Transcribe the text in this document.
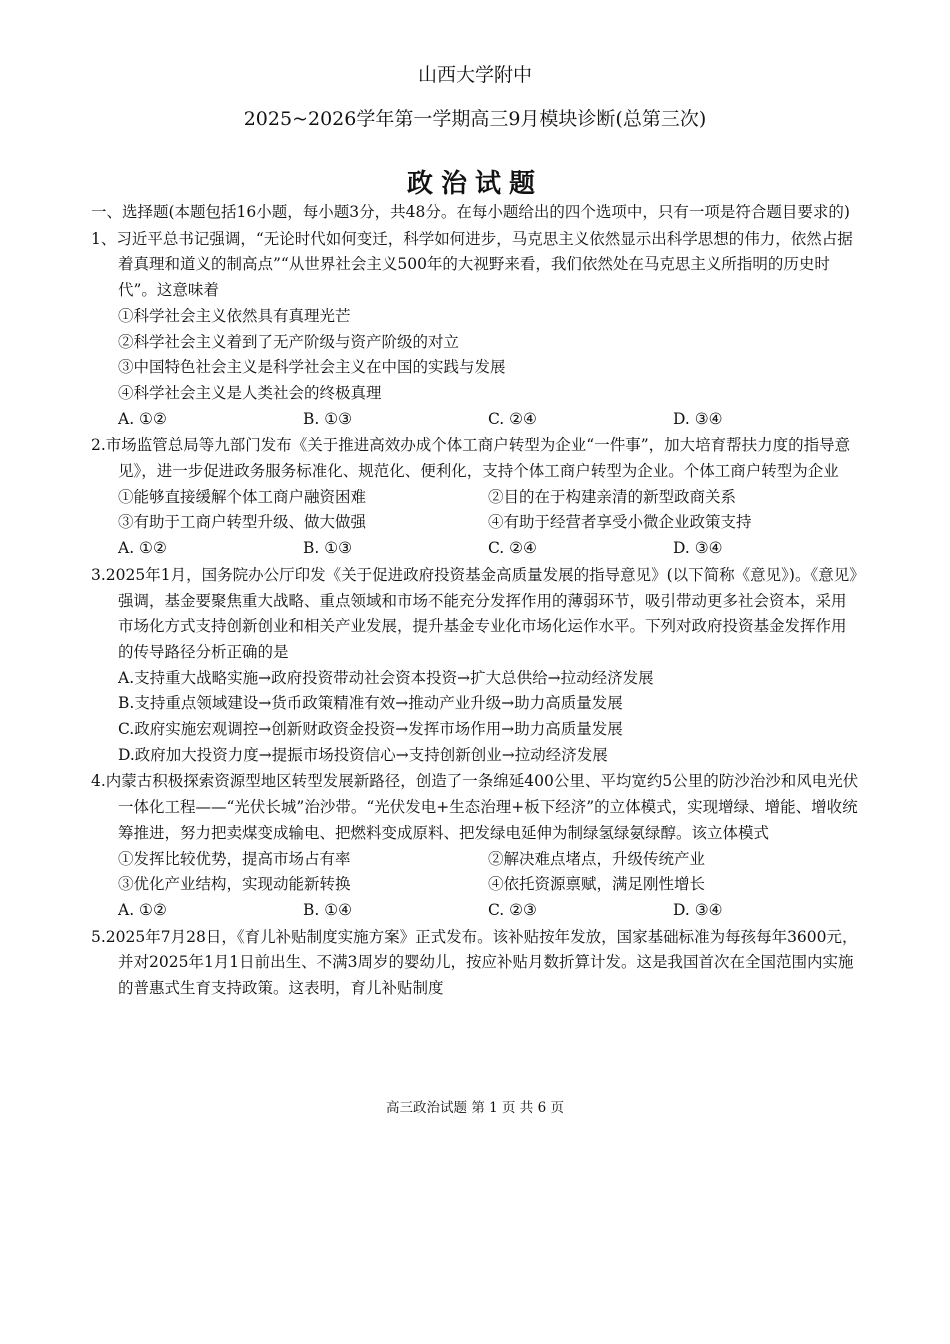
山西大学附中
2025~2026学年第一学期高三9月模块诊断(总第三次)
政治试题
一、选择题(本题包括16小题，每小题3分，共48分。在每小题给出的四个选项中，只有一项是符合题目要求的)
1、习近平总书记强调，“无论时代如何变迁，科学如何进步，马克思主义依然显示出科学思想的伟力，依然占据着真理和道义的制高点”“从世界社会主义500年的大视野来看，我们依然处在马克思主义所指明的历史时代”。这意味着
①科学社会主义依然具有真理光芒
②科学社会主义着到了无产阶级与资产阶级的对立
③中国特色社会主义是科学社会主义在中国的实践与发展
④科学社会主义是人类社会的终极真理
A. ①②	B. ①③	C. ②④	D. ③④
2.市场监管总局等九部门发布《关于推进高效办成个体工商户转型为企业“一件事”，加大培育帮扶力度的指导意见》，进一步促进政务服务标准化、规范化、便利化，支持个体工商户转型为企业。个体工商户转型为企业
①能够直接缓解个体工商户融资困难	②目的在于构建亲清的新型政商关系
③有助于工商户转型升级、做大做强	④有助于经营者享受小微企业政策支持
A. ①②	B. ①③	C. ②④	D. ③④
3.2025年1月，国务院办公厅印发《关于促进政府投资基金高质量发展的指导意见》(以下简称《意见》)。《意见》强调，基金要聚焦重大战略、重点领域和市场不能充分发挥作用的薄弱环节，吸引带动更多社会资本，采用市场化方式支持创新创业和相关产业发展，提升基金专业化市场化运作水平。下列对政府投资基金发挥作用的传导路径分析正确的是
A.支持重大战略实施→政府投资带动社会资本投资→扩大总供给→拉动经济发展
B.支持重点领域建设→货币政策精准有效→推动产业升级→助力高质量发展
C.政府实施宏观调控→创新财政资金投资→发挥市场作用→助力高质量发展
D.政府加大投资力度→提振市场投资信心→支持创新创业→拉动经济发展
4.内蒙古积极探索资源型地区转型发展新路径，创造了一条绵延400公里、平均宽约5公里的防沙治沙和风电光伏一体化工程——“光伏长城”治沙带。“光伏发电+生态治理+板下经济”的立体模式，实现增绿、增能、增收统筹推进，努力把卖煤变成输电、把燃料变成原料、把发绿电延伸为制绿氢绿氨绿醇。该立体模式
①发挥比较优势，提高市场占有率	②解决难点堵点，升级传统产业
③优化产业结构，实现动能新转换	④依托资源禀赋，满足刚性增长
A. ①②	B. ①④	C. ②③	D. ③④
5.2025年7月28日，《育儿补贴制度实施方案》正式发布。该补贴按年发放，国家基础标准为每孩每年3600元，并对2025年1月1日前出生、不满3周岁的婴幼儿，按应补贴月数折算计发。这是我国首次在全国范围内实施的普惠式生育支持政策。这表明，育儿补贴制度
高三政治试题 第 1 页 共 6 页
